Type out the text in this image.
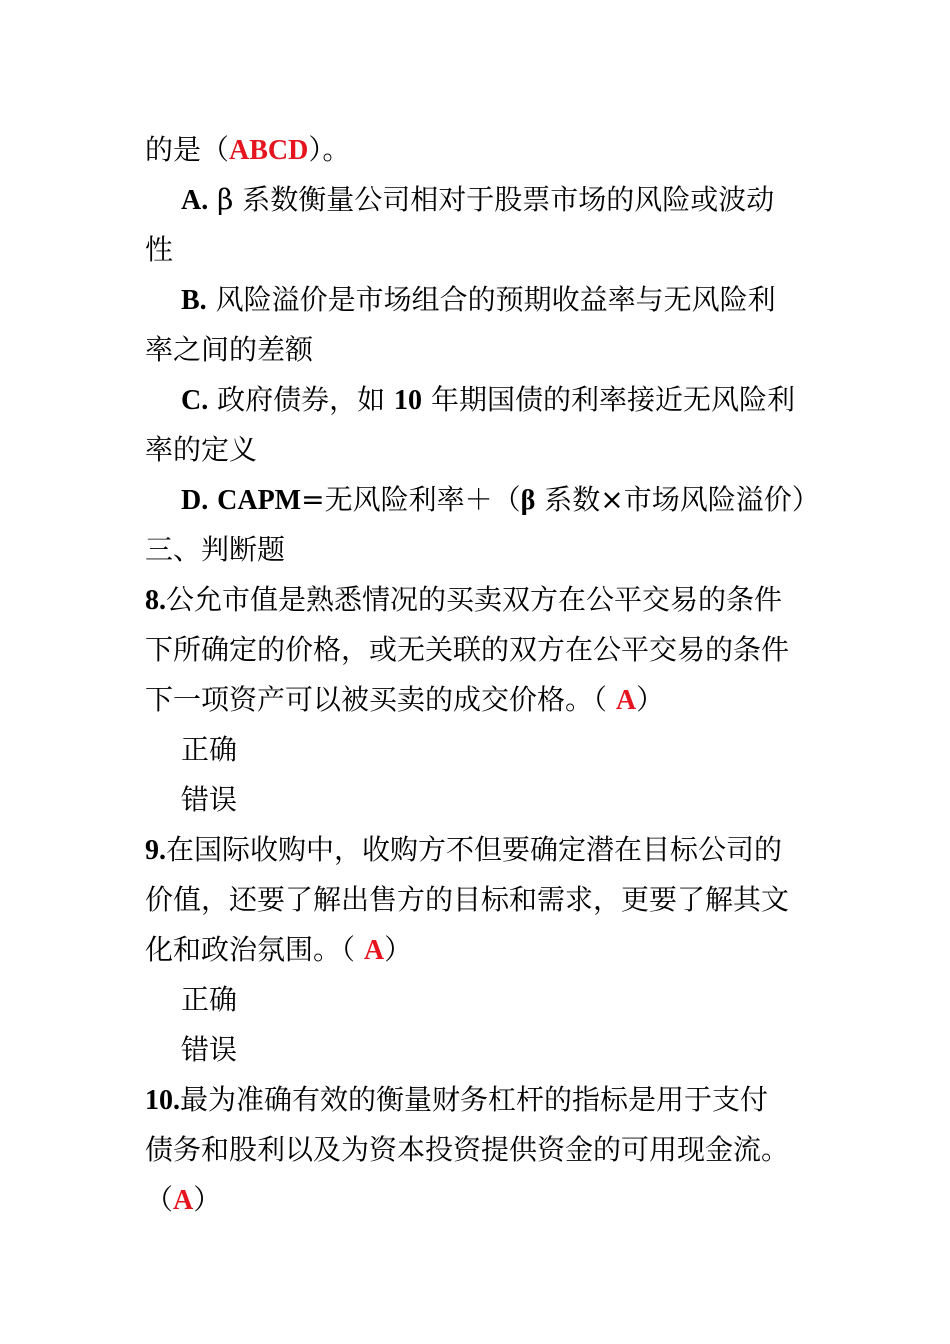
的是（ABCD）。
A. β 系数衡量公司相对于股票市场的风险或波动
性
B. 风险溢价是市场组合的预期收益率与无风险利
率之间的差额
C. 政府债券，如 10 年期国债的利率接近无风险利
率的定义
D. CAPM=无风险利率＋（β 系数×市场风险溢价）
三、判断题
8.公允市值是熟悉情况的买卖双方在公平交易的条件
下所确定的价格，或无关联的双方在公平交易的条件
下一项资产可以被买卖的成交价格。（ A）
正确
错误
9.在国际收购中，收购方不但要确定潜在目标公司的
价值，还要了解出售方的目标和需求，更要了解其文
化和政治氛围。（ A）
正确
错误
10.最为准确有效的衡量财务杠杆的指标是用于支付
债务和股利以及为资本投资提供资金的可用现金流。
（A）
